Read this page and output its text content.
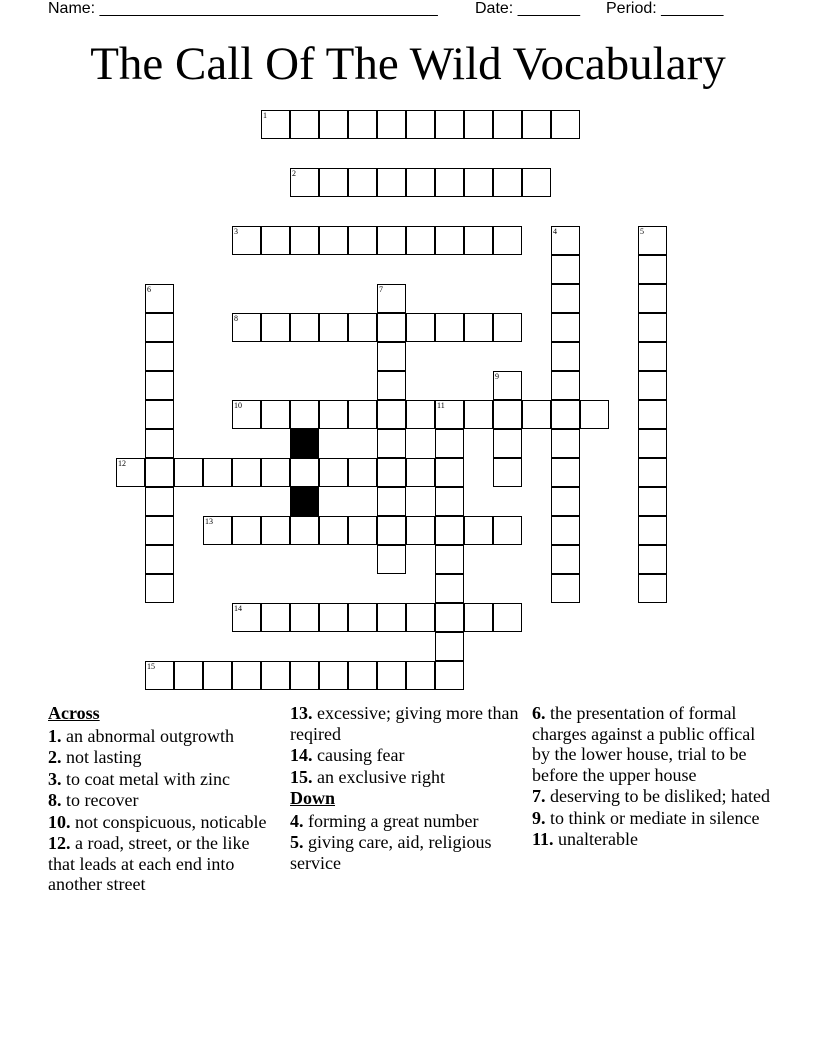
Name: ______________________________________ Date: _______ Period: _______
The Call Of The Wild Vocabulary
1
2
3	4	5
6	7
8
9
10	11
12
13
14
15
Across
1. an abnormal outgrowth
2. not lasting
3. to coat metal with zinc
8. to recover
10. not conspicuous, noticable
12. a road, street, or the like that leads at each end into another street
13. excessive; giving more than reqired
14. causing fear
15. an exclusive right
Down
4. forming a great number
5. giving care, aid, religious service
6. the presentation of formal charges against a public offical by the lower house, trial to be before the upper house
7. deserving to be disliked; hated
9. to think or mediate in silence
11. unalterable
